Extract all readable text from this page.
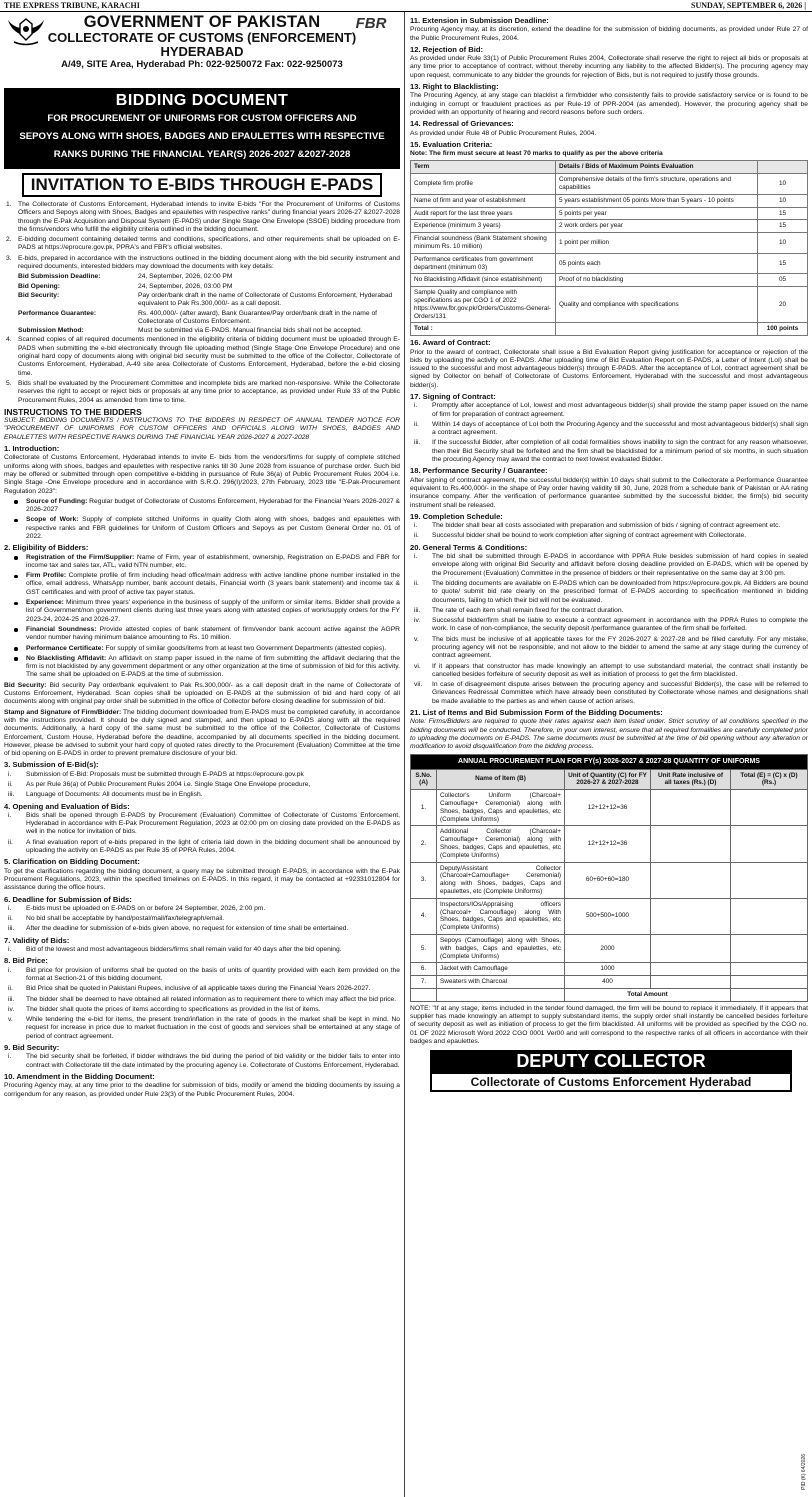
THE EXPRESS TRIBUNE, KARACHI	SUNDAY, SEPTEMBER 6, 2026 |
FBR
GOVERNMENT OF PAKISTAN
COLLECTORATE OF CUSTOMS (ENFORCEMENT)
HYDERABAD
A/49, SITE Area, Hyderabad Ph: 022-9250072 Fax: 022-9250073
BIDDING DOCUMENT
FOR PROCUREMENT OF UNIFORMS FOR CUSTOM OFFICERS AND
SEPOYS ALONG WITH SHOES, BADGES AND EPAULETTES WITH RESPECTIVE
RANKS DURING THE FINANCIAL YEAR(S) 2026-2027 &2027-2028
INVITATION TO E-BIDS THROUGH E-PADS
1. The Collectorate of Customs Enforcement, Hyderabad intends to invite E-bids "For the Procurement of Uniforms of Customs Officers and Sepoys along with Shoes, Badges and epaulettes with respective ranks" during financial years 2026-27 &2027-2028 through the E-Pak Acquisition and Disposal System (E-PADS) under Single Stage One Envelope (SSOE) bidding procedure from the firms/vendors who fulfill the eligibility criteria outlined in the bidding document.
2. E-bidding document containing detailed terms and conditions, specifications, and other requirements shall be uploaded on E-PADS at https://eprocure.gov.pk, PPRA's and FBR's official websites.
3. E-bids, prepared in accordance with the instructions outlined in the bidding document along with the bid security instrument and required documents, interested bidders may download the documents with key details:
Bid Submission Deadline:	24, September, 2026, 02:00 PM
Bid Opening:	24, September, 2026, 03:00 PM
Bid Security:	Pay order/bank draft in the name of Collectorate of Customs Enforcement, Hyderabad equivalent to Pak Rs.300,000/- as a call deposit.
Performance Guarantee:	Rs. 400,000/- (after award), Bank Guarantee/Pay order/bank draft in the name of Collectorate of Customs Enforcement.
Submission Method:	Must be submitted via E-PADS. Manual financial bids shall not be accepted.
4. Scanned copies of all required documents mentioned in the eligibility criteria of bidding document must be uploaded through E-PADS when submitting the e-bid electronically through file uploading method (Single Stage One Envelope Procedure) and one original hard copy of documents along with original bid security must be submitted to the office of the Collector, Collectorate of Customs Enforcement, Hyderabad, A-49 site area Collectorate of Customs Enforcement, Hyderabad, before the e-bid closing time.
5. Bids shall be evaluated by the Procurement Committee and incomplete bids are marked non-responsive. While the Collectorate reserves the right to accept or reject bids or proposals at any time prior to acceptance, as provided under Rule 33 of the Public Procurement Rules, 2004 as amended from time to time.
INSTRUCTIONS TO THE BIDDERS
SUBJECT: BIDDING DOCUMENTS / INSTRUCTIONS TO THE BIDDERS IN RESPECT OF ANNUAL TENDER NOTICE FOR "PROCUREMENT OF UNIFORMS FOR CUSTOM OFFICERS AND OFFICIALS ALONG WITH SHOES, BADGES AND EPAULETTES WITH RESPECTIVE RANKS DURING THE FINANCIAL YEAR 2026-2027 & 2027-2028
1. Introduction:

Collectorate of Customs Enforcement, Hyderabad intends to invite E- bids from the vendors/firms for supply of complete stitched uniforms along with shoes, badges and epaulettes with respective ranks till 30 June 2028 from issuance of purchase order. Such bid may be offered or submitted through open competitive e-bidding in pursuance of Rule 36(a) of Public Procurement Rules 2004 i.e. Single Stage -One Envelope procedure and in accordance with S.R.O. 296(I)/2023, 27th February, 2023 title "E-Pak-Procurement Regulation 2023":

Source of Funding: Regular budget of Collectorate of Customs Enforcement, Hyderabad for the Financial Years 2026-2027 & 2026-2027
Scope of Work: Supply of complete stitched Uniforms in quality Cloth along with shoes, badges and epaulettes with respective ranks and FBR guidelines for Uniform of Custom Officers and Sepoys as per Custom General Order no. 01 of 2022.
2. Eligibility of Bidders:
Registration of the Firm/Supplier: Name of Firm, year of establishment, ownership, Registration on E-PADS and FBR for income tax and sales tax, ATL, valid NTN number, etc.
Firm Profile: Complete profile of firm including head office/main address with active landline phone number installed in the office, email address, WhatsApp number, bank account details, Financial worth (3 years bank statement) and income tax & GST certificates and with proof of active tax payer status.
Experience: Minimum three years' experience in the business of supply of the uniform or similar items. Bidder shall provide a list of Government/non government clients during last three years along with attested copies of work/supply orders for the FY 2023-24, 2024-25 and 2026-27.
Financial Soundness: Provide attested copies of bank statement of firm/vendor bank account active against the AGPR vendor number having minimum balance amounting to Rs. 10 million.
Performance Certificate: For supply of similar goods/items from at least two Government Departments (attested copies).
No Blacklisting Affidavit: An affidavit on stamp paper issued in the name of firm submitting the affidavit declaring that the firm is not blacklisted by any government department or any other organization at the time of submission of bid for this activity. The same shall be uploaded on E-PADS at the time of submission.

Bid Security: Bid security Pay order/bank equivalent to Pak Rs.300,000/- as a call deposit draft in the name of Collectorate of Customs Enforcement, Hyderabad. Scan copies shall be uploaded on E-PADS at the submission of bid and hard copy of all documents along with original pay order shall be submitted in the office of Collector before closing deadline for submission of bid.

Stamp and Signature of Firm/Bidder: The bidding document downloaded from E-PADS must be completed carefully, in accordance with the instructions provided. It should be duly signed and stamped, and then upload to E-PADS along with all the required documents. Additionally, a hard copy of the same must be submitted to the office of the Collector, Collectorate of Customs Enforcement, Custom House, Hyderabad before the deadline, accompanied by all documents specified in the bidding document. However, please be advised to submit your hard copy of quoted rates directly to the Procurement (Evaluation) Committee at the time of bid opening on E-PADS in order to prevent premature disclosure of your bid.

3. Submission of E-Bid(s):
i. Submission of E-Bid: Proposals must be submitted through E-PADS at https://eprocure.gov.pk
ii. As per Rule 36(a) of Public Procurement Rules 2004 i.e. Single Stage One Envelope procedure,
iii. Language of Documents: All documents must be in English.
4. Opening and Evaluation of Bids:
i. Bids shall be opened through E-PADS by Procurement (Evaluation) Committee of Collectorate of Customs Enforcement, Hyderabad in accordance with E-Pak Procurement Regulation, 2023 at 02:00 pm on closing date provided on the E-PADS as well in the notice for invitation of bids.
ii. A final evaluation report of e-bids prepared in the light of criteria laid down in the bidding document shall be announced by uploading the activity on E-PADS as per Rule 35 of PPRA Rules, 2004.
5. Clarification on Bidding Document:

To get the clarifications regarding the bidding document, a query may be submitted through E-PADS, in accordance with the E-Pak Procurement Regulations, 2023, within the specified timelines on E-PADS. In this regard, it may be contacted at +92331012804 for assistance during the office hours.

6. Deadline for Submission of Bids:
i. E-bids must be uploaded on E-PADS on or before 24 September, 2026, 2:00 pm.
ii. No bid shall be acceptable by hand/postal/mail/fax/telegraph/email.
iii. After the deadline for submission of e-bids given above, no request for extension of time shall be entertained.
7. Validity of Bids:
i. Bid of the lowest and most advantageous bidders/firms shall remain valid for 40 days after the bid opening.
8. Bid Price:
i. Bid price for provision of uniforms shall be quoted on the basis of units of quantity provided with each item provided on the format at Section-21 of this bidding document.
ii. Bid Price shall be quoted in Pakistani Rupees, inclusive of all applicable taxes during the Financial Years 2026-2027.
iii. The bidder shall be deemed to have obtained all related information as to requirement there to which may affect the bid price.
iv. The bidder shall quote the prices of items according to specifications as provided in the list of items.
v. While tendering the e-bid for items, the present trend/inflation in the rate of goods in the market shall be kept in mind. No request for increase in price due to market fluctuation in the cost of goods and services shall be entertained at any stage of period of contract agreement.
9. Bid Security:
i. The bid security shall be forfeited, if bidder withdraws the bid during the period of bid validity or the bidder fails to enter into contract with Collectorate till the date intimated by the procuring agency i.e. Collectorate of Customs Enforcement, Hyderabad.
10. Amendment in the Bidding Document:

Procuring Agency may, at any time prior to the deadline for submission of bids, modify or amend the bidding documents by issuing a corrigendum for any reason, as provided under Rule 23(3) of the Public Procurement Rules, 2004.

11. Extension in Submission Deadline:

Procuring Agency may, at its discretion, extend the deadline for the submission of bidding documents, as provided under Rule 27 of the Public Procurement Rules, 2004.

12. Rejection of Bid:

As provided under Rule 33(1) of Public Procurement Rules 2004, Collectorate shall reserve the right to reject all bids or proposals at any time prior to acceptance of contract, without thereby incurring any liability to the affected Bidder(s). The procuring agency may upon request, communicate to any bidder the grounds for rejection of Bids, but is not required to justify those grounds.

13. Right to Blacklisting:

The Procuring Agency, at any stage can blacklist a firm/bidder who consistently fails to provide satisfactory service or is found to be indulging in corrupt or fraudulent practices as per Rule-19 of PPR-2004 (as amended). However, the procuring agency shall be provided with an opportunity of hearing and record reasons before such orders.

14. Redressal of Grievances:

As provided under Rule 48 of Public Procurement Rules, 2004.

15. Evaluation Criteria:

Note: The firm must secure at least 70 marks to qualify as per the above criteria

Term	Details / Bids of Maximum Points Evaluation	
Complete firm profile	Comprehensive details of the firm's structure, operations and capabilities	10
Name of firm and year of establishment	5 years establishment 05 points More than 5 years - 10 points	10
Audit report for the last three years	5 points per year	15
Experience (minimum 3 years)	2 work orders per year	15
Financial soundness (Bank Statement showing minimum Rs. 10 million)	1 point per million	10
Performance certificates from government department (minimum 03)	05 points each	15
No Blacklisting Affidavit (since establishment)	Proof of no blacklisting	05
Sample Quality and compliance with specifications as per CGO 1 of 2022 https://www.fbr.gov.pk/Orders/Customs-General-Orders/131	Quality and compliance with specifications	20
Total :		100 points
16. Award of Contract:

Prior to the award of contract, Collectorate shall issue a Bid Evaluation Report giving justification for acceptance or rejection of the bids by uploading the activity on E-PADS. After uploading time of Bid Evaluation Report on E-PADS, a Letter of Intent (LoI) shall be issued to the successful and most advantageous bidder(s) through E-PADS. After the acceptance of LoI, contract agreement shall be signed by Collector on behalf of Collectorate of Customs Enforcement, Hyderabad with the successful and most advantageous bidder(s).

17. Signing of Contract:
i. Promptly after acceptance of LoI, lowest and most advantageous bidder(s) shall provide the stamp paper issued on the name of firm for preparation of contract agreement.
ii. Within 14 days of acceptance of LoI both the Procuring Agency and the successful and most advantageous bidder(s) shall sign a contract agreement.
iii. If the successful Bidder, after completion of all codal formalities shows inability to sign the contract for any reason whatsoever, then their Bid Security shall be forfeited and the firm shall be blacklisted for a minimum period of six months, in such situation the procuring Agency may award the contract to next lowest evaluated Bidder.
18. Performance Security / Guarantee:

After signing of contract agreement, the successful bidder(s) within 10 days shall submit to the Collectorate a Performance Guarantee equivalent to Rs.400,000/- in the shape of Pay order having validity till 30, June, 2028 from a schedule bank of Pakistan or AA rating insurance company. After the verification of performance guarantee submitted by the successful bidder, the firm(s) bid security instrument shall be released.

19. Completion Schedule:
i. The bidder shall bear all costs associated with preparation and submission of bids / signing of contract agreement etc.
ii. Successful bidder shall be bound to work completion after signing of contract agreement with Collectorate.
20. General Terms & Conditions:
i. The bid shall be submitted through E-PADS in accordance with PPRA Rule besides submission of hard copies in sealed envelope along with original Bid Security and affidavit before closing deadline provided on E-PADS, which will be opened by the Procurement (Evaluation) Committee in the presence of bidders or their representative on the same day at 3:00 pm.
ii. The bidding documents are available on E-PADS which can be downloaded from https://eprocure.gov.pk. All Bidders are bound to quote/ submit bid rate clearly on the prescribed format of E-PADS according to specification mentioned in bidding documents, failing to which their bid will not be evaluated.
iii. The rate of each item shall remain fixed for the contract duration.
iv. Successful bidder/firm shall be liable to execute a contract agreement in accordance with the PPRA Rules to complete the work. In case of non-compliance, the security deposit /performance guarantee of the firm shall be forfeited.
v. The bids must be inclusive of all applicable taxes for the FY 2026-2027 & 2027-28 and be filled carefully. For any mistake, procuring agency will not be responsible, and not allow to the bidder to amend the same at any stage during the currency of contract agreement.
vi. If it appears that constructor has made knowingly an attempt to use substandard material, the contract shall instantly be cancelled besides forfeiture of security deposit as well as initiation of process to get the firm blacklisted.
vii. In case of disagreement dispute arises between the procuring agency and successful Bidder(s), the case will be referred to Grievances Redressal Committee which have already been constituted by Collectorate whose names and designations shall be made available to the parties as and when cause of action arises.
21. List of Items and Bid Submission Form of the Bidding Documents:

Note: Firms/Bidders are required to quote their rates against each item listed under. Strict scrutiny of all conditions specified in the bidding documents will be conducted. Therefore, in your own interest, ensure that all required formalities are carefully completed prior to uploading the documents on E-PADS. The same documents must be submitted at the time of bid opening without any alteration or modification to avoid disqualification from the bidding process.

ANNUAL PROCUREMENT PLAN FOR FY(s) 2026-2027 & 2027-28 QUANTITY OF UNIFORMS				
S.No. (A)	Name of Item (B)	Unit of Quantity (C) for FY 2026-27 & 2027-2028	Unit Rate inclusive of all taxes (Rs.) (D)	Total (E) = (C) x (D) (Rs.)
1.	Collector's Uniform (Charcoal+ Camouflage+ Ceremonial) along with Shoes, badges, Caps and epaulettes, etc (Complete Uniforms)	12+12+12=36		
2.	Additional Collector (Charcoal+ Camouflage+ Ceremonial) along with Shoes, badges, Caps and epaulettes, etc (Complete Uniforms)	12+12+12=36		
3.	Deputy/Assistant Collector (Charcoal+Camouflage+ Ceremonial) along with Shoes, badges, Caps and epaulettes, etc (Complete Uniforms)	60+60+60=180		
4.	Inspectors/IOs/Appraising officers (Charcoal+ Camouflage) along With Shoes, badges, Caps and epaulettes, etc (Complete Uniforms)	500+500=1000		
5.	Sepoys (Camouflage) along with Shoes, with badges, Caps and epaulettes, etc (Complete Uniforms)	2000		
6.	Jacket with Camouflage	1000		
7.	Sweaters with Charcoal	400		
		Total Amount		

NOTE: "If at any stage, items included in the tender found damaged, the firm will be bound to replace it immediately. If it appears that supplier has made knowingly an attempt to supply substandard items, the supply order shall instantly be cancelled besides forfeiture of security deposit as well as initiation of process to get the firm blacklisted. All uniforms will be provided as specified by the CGO no. 01 OF 2022 Microsoft Word 2022 CGO 0001 Ver00 and will correspond to the respective ranks of all officers in accordance with their badges and epaulettes.

DEPUTY COLLECTOR
Collectorate of Customs Enforcement Hyderabad
PID (K) 64/2026
